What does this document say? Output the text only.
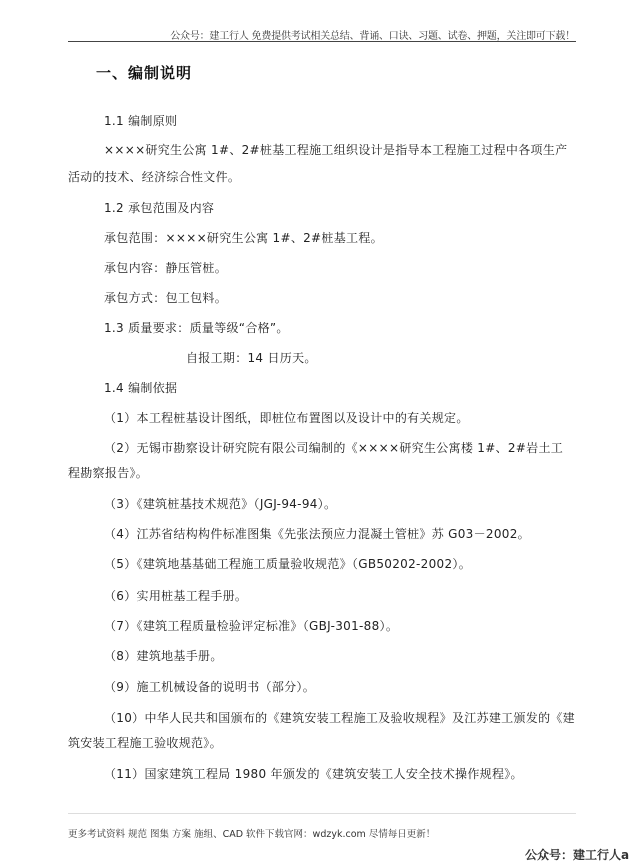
公众号：建工行人 免费提供考试相关总结、背诵、口诀、习题、试卷、押题，关注即可下载！
一、编制说明
1.1 编制原则
××××研究生公寓 1#、2#桩基工程施工组织设计是指导本工程施工过程中各项生产
活动的技术、经济综合性文件。
1.2 承包范围及内容
承包范围：××××研究生公寓 1#、2#桩基工程。
承包内容：静压管桩。
承包方式：包工包料。
1.3 质量要求：质量等级“合格”。
自报工期：14 日历天。
1.4 编制依据
（1）本工程桩基设计图纸，即桩位布置图以及设计中的有关规定。
（2）无锡市勘察设计研究院有限公司编制的《××××研究生公寓楼 1#、2#岩土工
程勘察报告》。
（3）《建筑桩基技术规范》（JGJ-94-94）。
（4）江苏省结构构件标准图集《先张法预应力混凝土管桩》苏 G03－2002。
（5）《建筑地基基础工程施工质量验收规范》（GB50202-2002）。
（6）实用桩基工程手册。
（7）《建筑工程质量检验评定标准》（GBJ-301-88）。
（8）建筑地基手册。
（9）施工机械设备的说明书（部分）。
（10）中华人民共和国颁布的《建筑安装工程施工及验收规程》及江苏建工颁发的《建
筑安装工程施工验收规范》。
（11）国家建筑工程局 1980 年颁发的《建筑安装工人安全技术操作规程》。
更多考试资料 规范 图集 方案 施组、CAD 软件下载官网：wdzyk.com 尽情每日更新！
公众号：建工行人a
